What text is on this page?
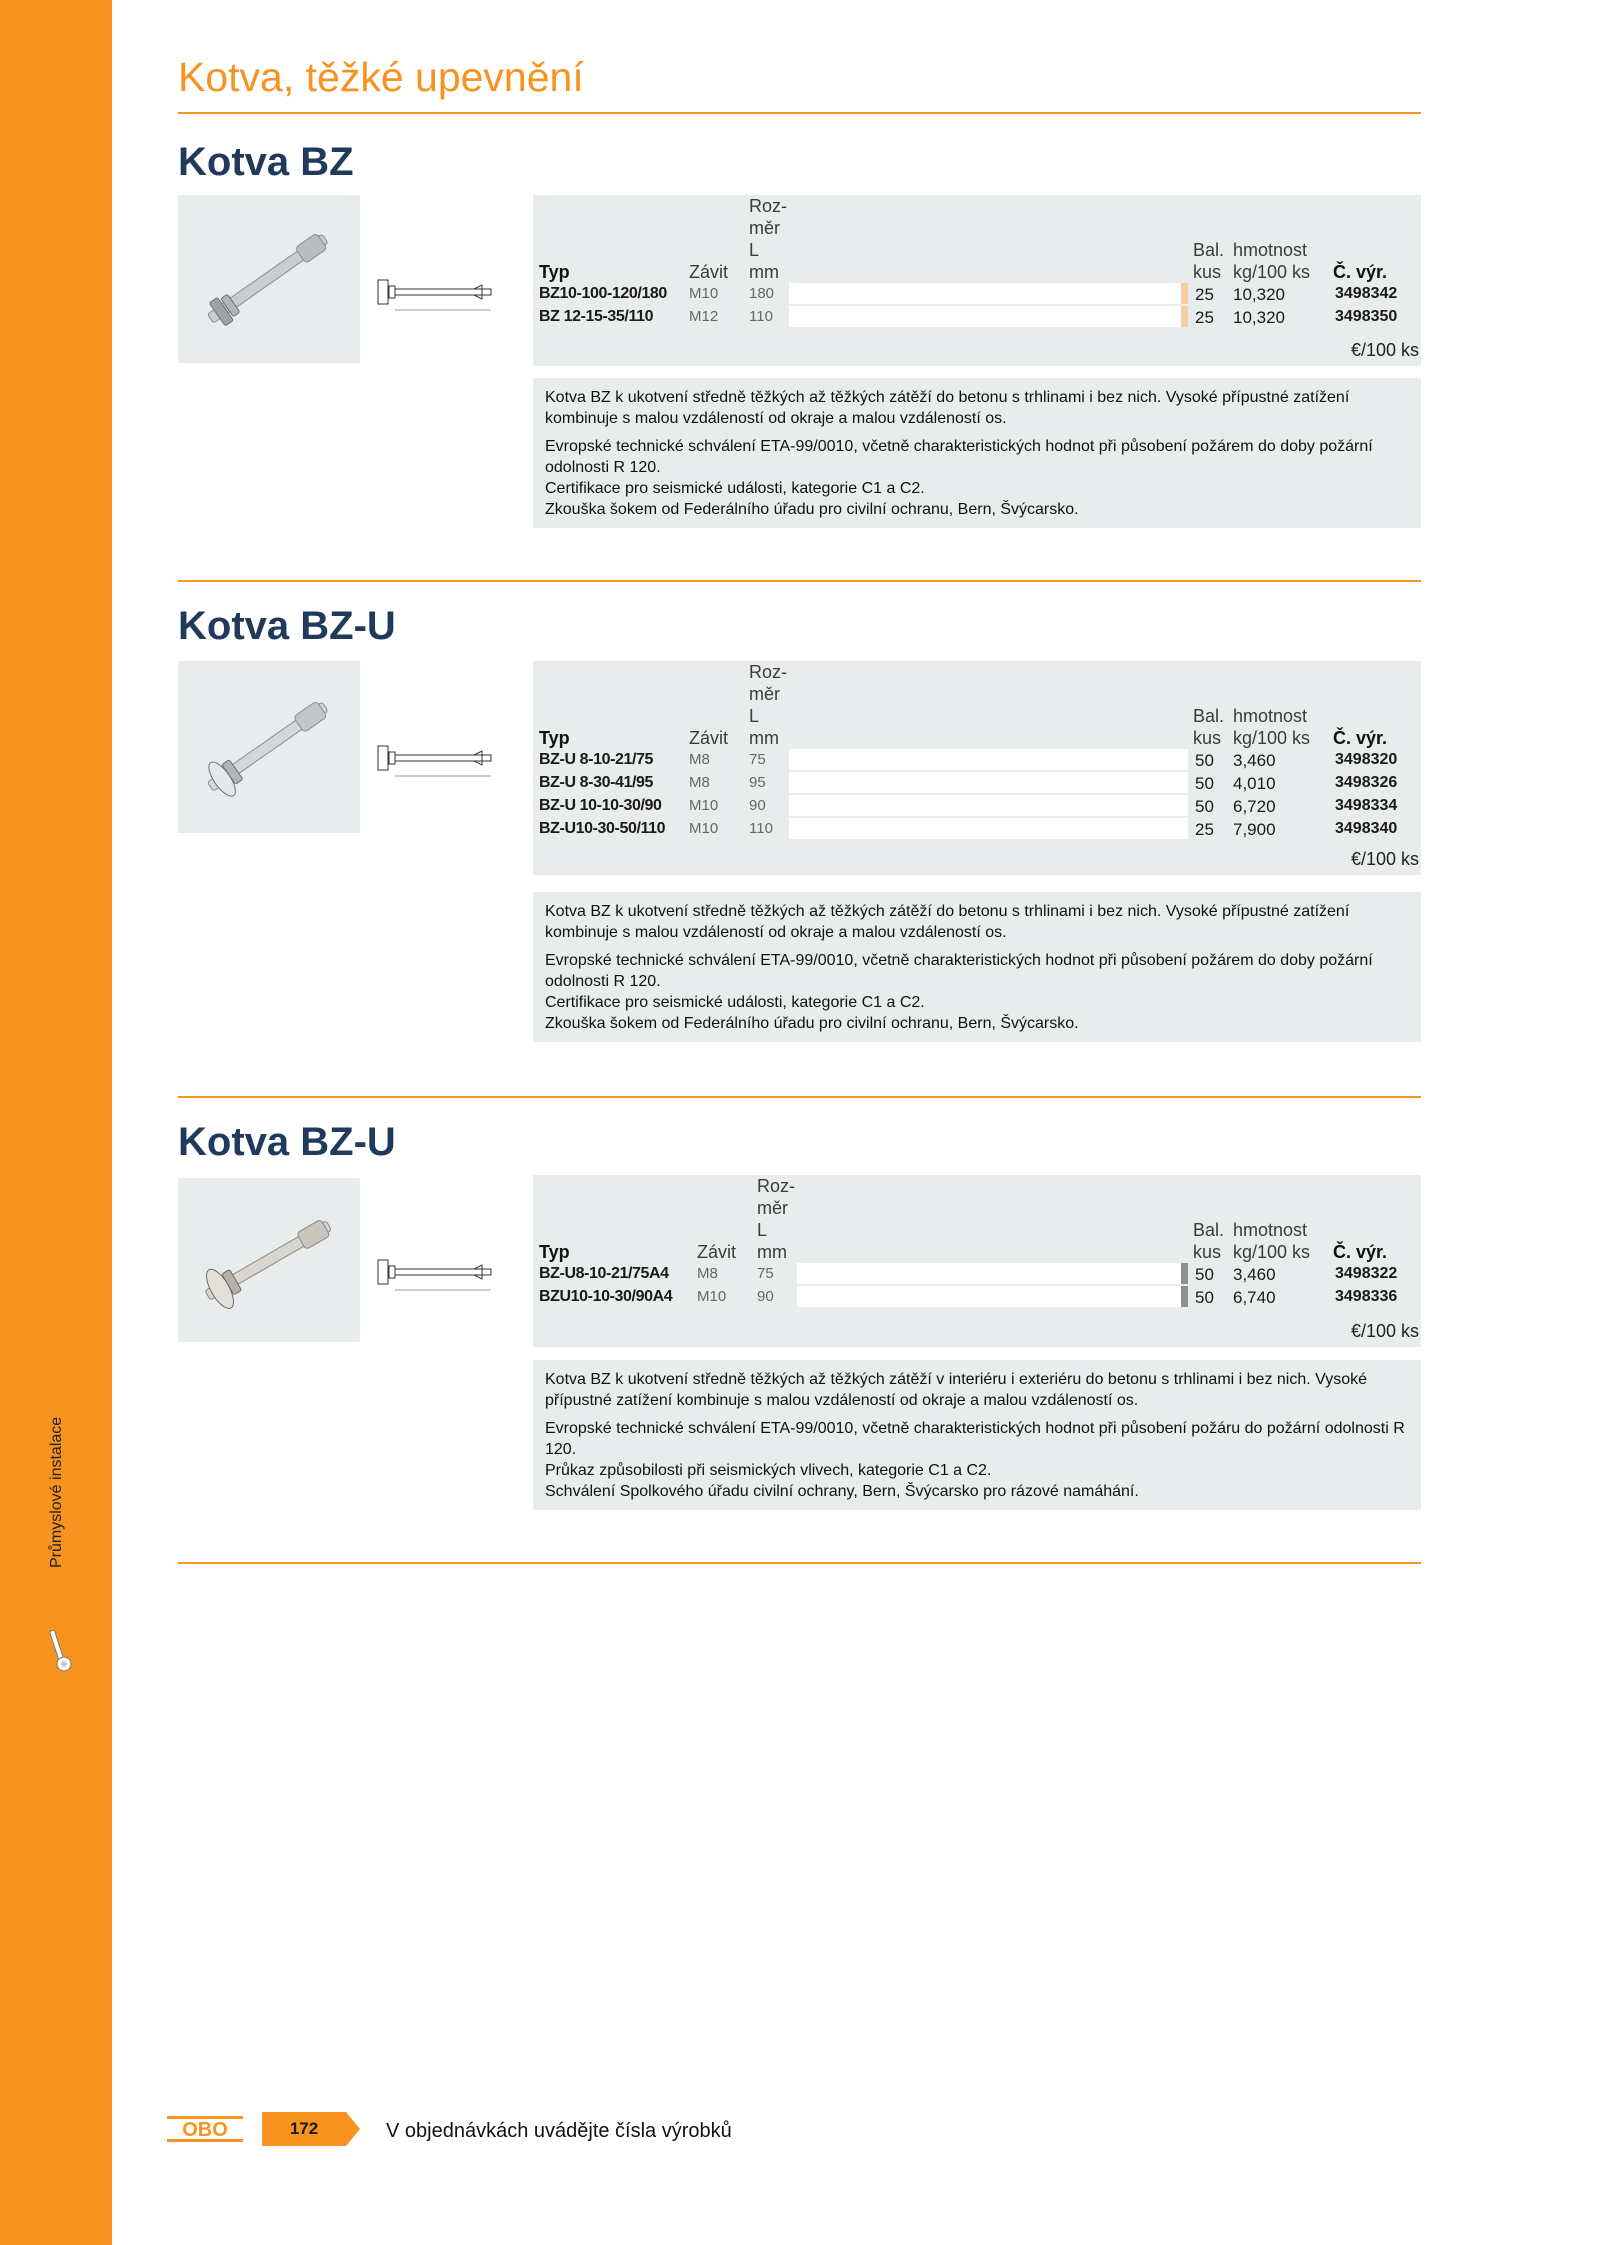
Průmyslové instalace
Kotva, těžké upevnění
Kotva BZ
Typ	Závit
Roz-
měr
L
mm
Bal.
kus
hmotnost
kg/100 ks Č. výr.
BZ10-100-120/180 M10 180	25 10,320	3498342
BZ 12-15-35/110 M12 110	25 10,320	3498350
€/100 ks

Kotva BZ k ukotvení středně těžkých až těžkých zátěží do betonu s trhlinami i bez nich. Vysoké přípustné zatížení kombinuje s malou vzdáleností od okraje a malou vzdáleností os.

Evropské technické schválení ETA-99/0010, včetně charakteristických hodnot při působení požárem do doby požární odolnosti R 120.

Certifikace pro seismické události, kategorie C1 a C2.

Zkouška šokem od Federálního úřadu pro civilní ochranu, Bern, Švýcarsko.

Kotva BZ-U
Typ	Závit
Roz-
měr
L
mm
Bal.
kus
hmotnost
kg/100 ks Č. výr.
BZ-U 8-10-21/75 M8	75	50 3,460	3498320
BZ-U 8-30-41/95 M8	95	50 4,010	3498326
BZ-U 10-10-30/90 M10 90	50 6,720	3498334
BZ-U10-30-50/110 M10 110	25 7,900	3498340
€/100 ks

Kotva BZ k ukotvení středně těžkých až těžkých zátěží do betonu s trhlinami i bez nich. Vysoké přípustné zatížení kombinuje s malou vzdáleností od okraje a malou vzdáleností os.

Evropské technické schválení ETA-99/0010, včetně charakteristických hodnot při působení požárem do doby požární odolnosti R 120.

Certifikace pro seismické události, kategorie C1 a C2.

Zkouška šokem od Federálního úřadu pro civilní ochranu, Bern, Švýcarsko.

Kotva BZ-U
Typ	Závit
Roz-
měr
L
mm
Bal.
kus
hmotnost
kg/100 ks Č. výr.
BZ-U8-10-21/75A4 M8	75	50 3,460	3498322
BZU10-10-30/90A4 M10 90	50 6,740	3498336
€/100 ks

Kotva BZ k ukotvení středně těžkých až těžkých zátěží v interiéru i exteriéru do betonu s trhlinami i bez nich. Vysoké přípustné zatížení kombinuje s malou vzdáleností od okraje a malou vzdáleností os.

Evropské technické schválení ETA-99/0010, včetně charakteristických hodnot při působení požáru do požární odolnosti R 120.

Průkaz způsobilosti při seismických vlivech, kategorie C1 a C2.

Schválení Spolkového úřadu civilní ochrany, Bern, Švýcarsko pro rázové namáhání.

OBO	172	V objednávkách uvádějte čísla výrobků
